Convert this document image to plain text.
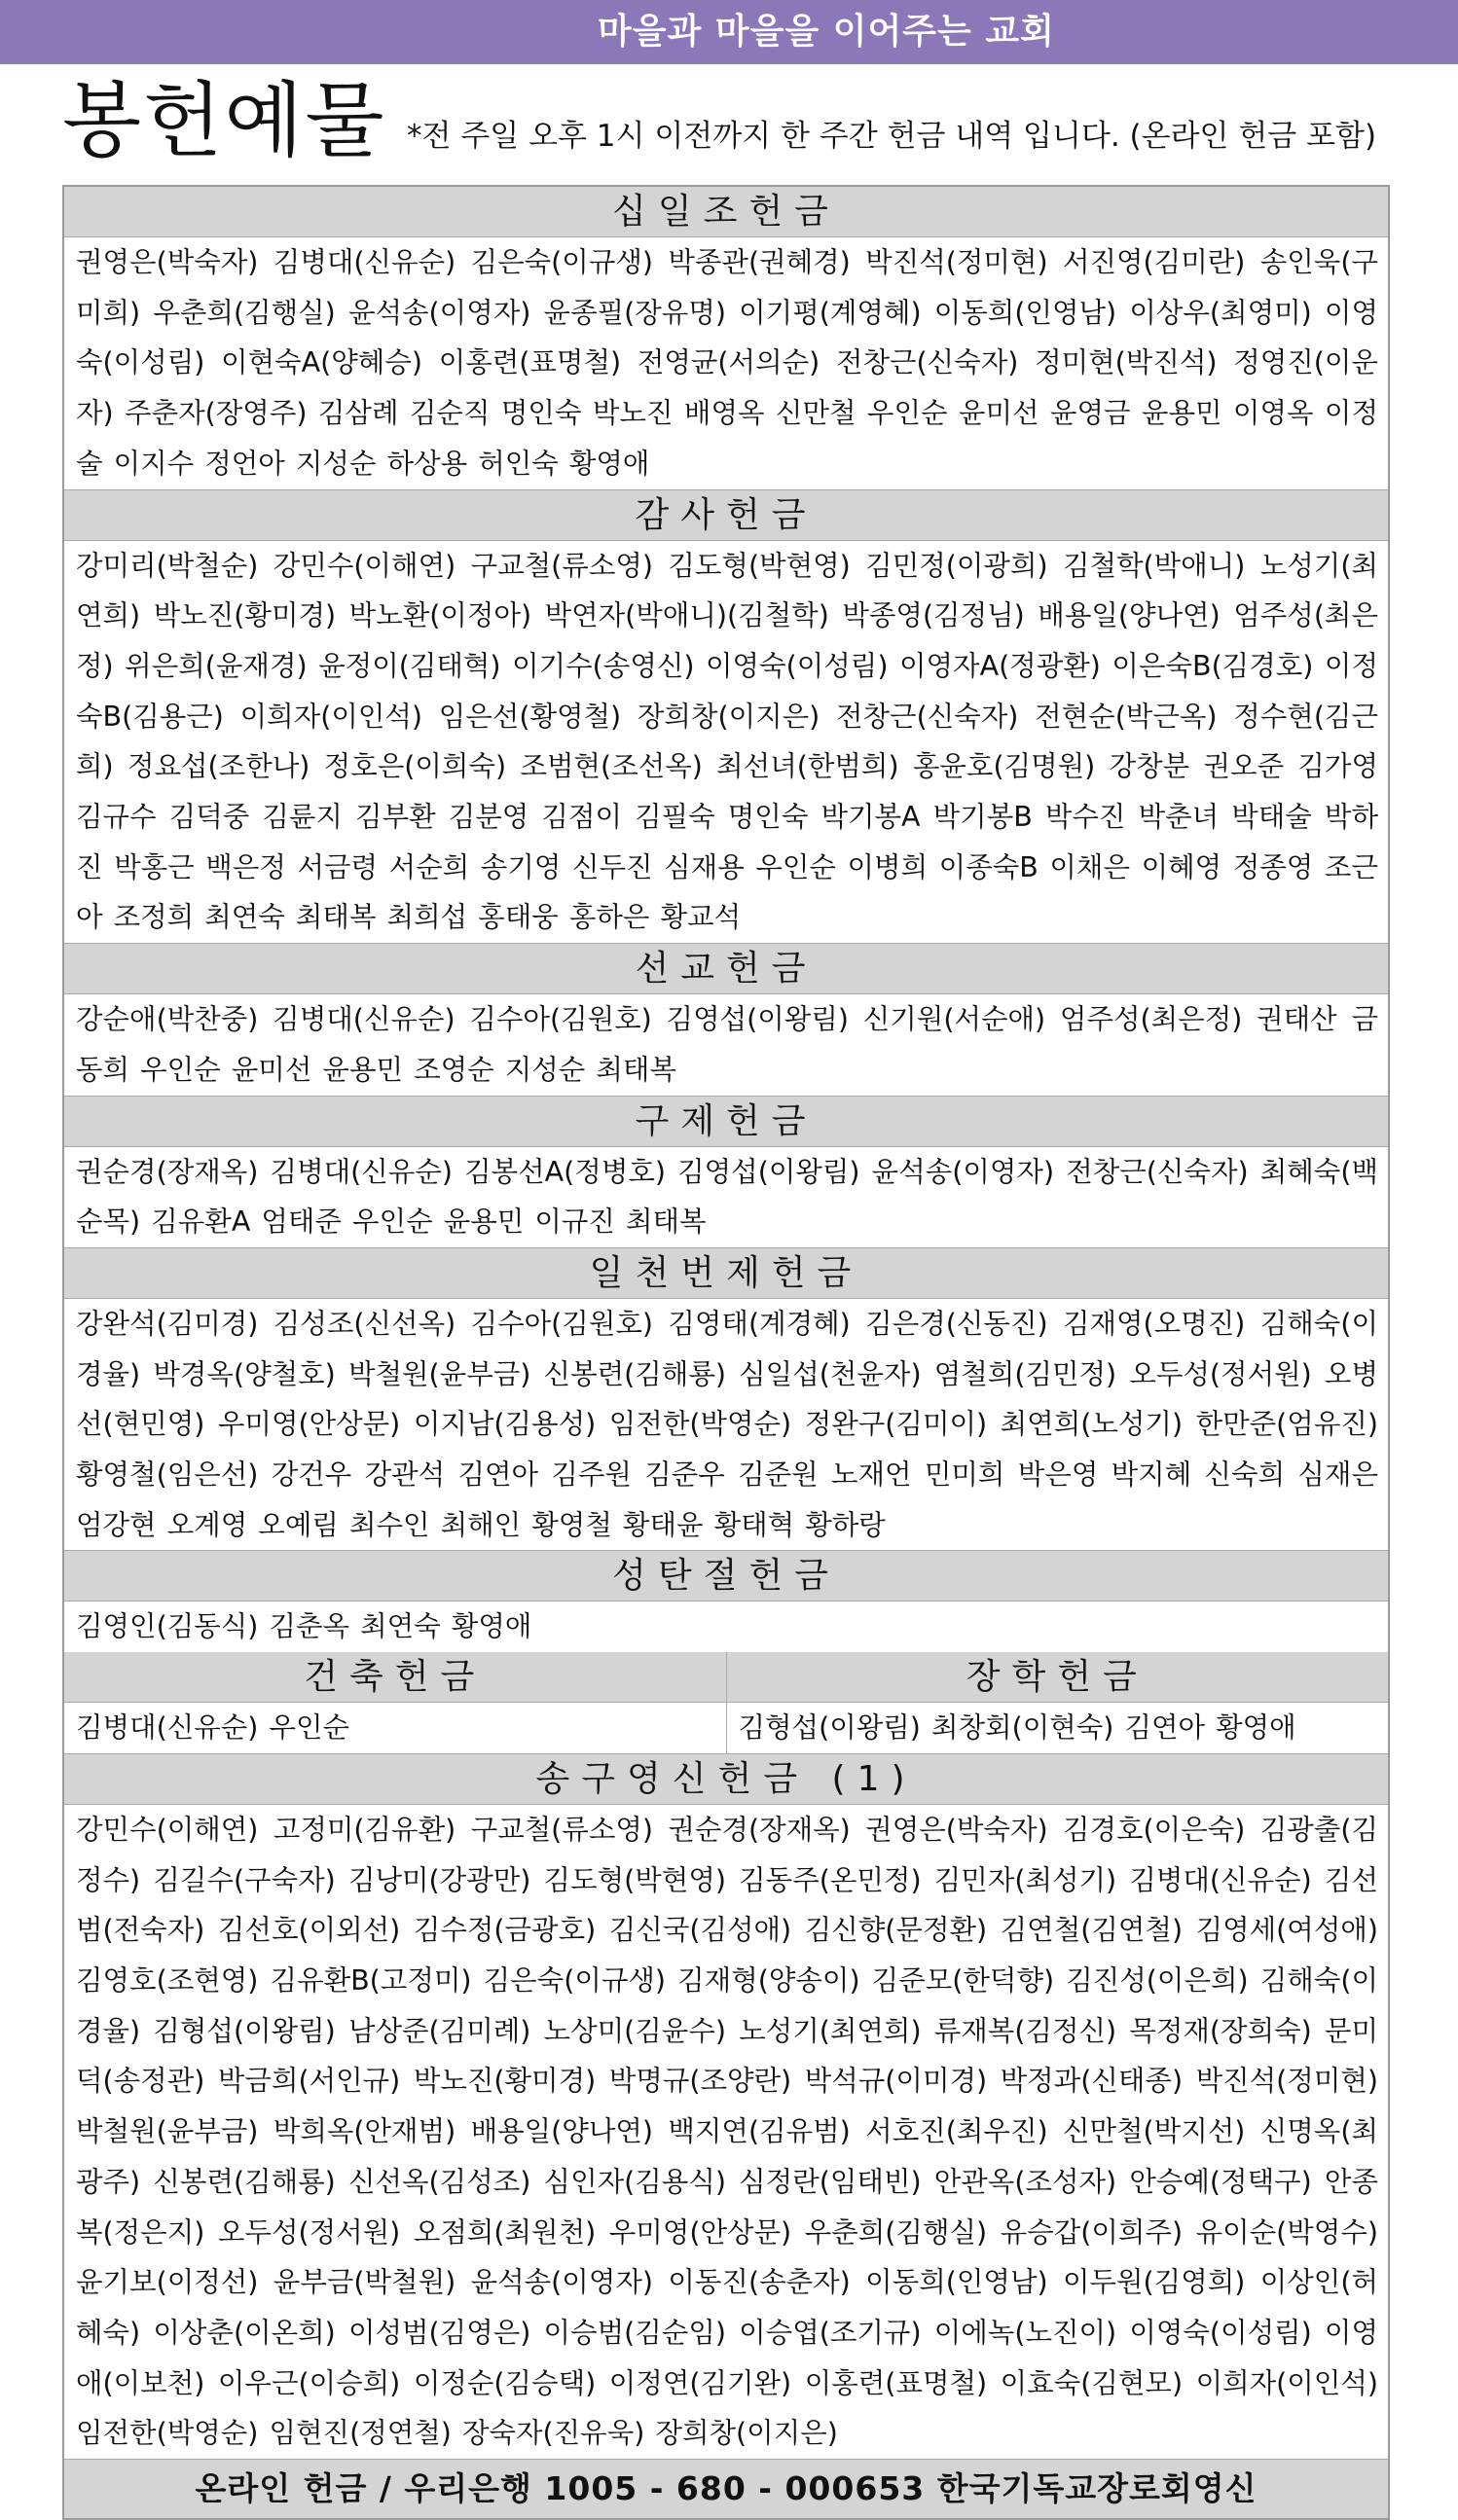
마을과 마을을 이어주는 교회
봉헌예물 *전 주일 오후 1시 이전까지 한 주간 헌금 내역 입니다. (온라인 헌금 포함)
십일조헌금
권영은(박숙자) 김병대(신유순) 김은숙(이규생) 박종관(권혜경) 박진석(정미현) 서진영(김미란) 송인욱(구미희) 우춘희(김행실) 윤석송(이영자) 윤종필(장유명) 이기평(계영혜) 이동희(인영남) 이상우(최영미) 이영숙(이성림) 이현숙A(양혜승) 이홍련(표명철) 전영균(서의순) 전창근(신숙자) 정미현(박진석) 정영진(이운자) 주춘자(장영주) 김삼례 김순직 명인숙 박노진 배영옥 신만철 우인순 윤미선 윤영금 윤용민 이영옥 이정술 이지수 정언아 지성순 하상용 허인숙 황영애
감사헌금
강미리(박철순) 강민수(이해연) 구교철(류소영) 김도형(박현영) 김민정(이광희) 김철학(박애니) 노성기(최연희) 박노진(황미경) 박노환(이정아) 박연자(박애니)(김철학) 박종영(김정님) 배용일(양나연) 엄주성(최은정) 위은희(윤재경) 윤정이(김태혁) 이기수(송영신) 이영숙(이성림) 이영자A(정광환) 이은숙B(김경호) 이정숙B(김용근) 이희자(이인석) 임은선(황영철) 장희창(이지은) 전창근(신숙자) 전현순(박근옥) 정수현(김근희) 정요섭(조한나) 정호은(이희숙) 조범현(조선옥) 최선녀(한범희) 홍윤호(김명원) 강창분 권오준 김가영 김규수 김덕중 김륜지 김부환 김분영 김점이 김필숙 명인숙 박기봉A 박기봉B 박수진 박춘녀 박태술 박하진 박홍근 백은정 서금령 서순희 송기영 신두진 심재용 우인순 이병희 이종숙B 이채은 이혜영 정종영 조근아 조정희 최연숙 최태복 최희섭 홍태웅 홍하은 황교석
선교헌금
강순애(박찬중) 김병대(신유순) 김수아(김원호) 김영섭(이왕림) 신기원(서순애) 엄주성(최은정) 권태산 금동희 우인순 윤미선 윤용민 조영순 지성순 최태복
구제헌금
권순경(장재옥) 김병대(신유순) 김봉선A(정병호) 김영섭(이왕림) 윤석송(이영자) 전창근(신숙자) 최혜숙(백순목) 김유환A 엄태준 우인순 윤용민 이규진 최태복
일천번제헌금
강완석(김미경) 김성조(신선옥) 김수아(김원호) 김영태(계경혜) 김은경(신동진) 김재영(오명진) 김해숙(이경율) 박경옥(양철호) 박철원(윤부금) 신봉련(김해룡) 심일섭(천윤자) 염철희(김민정) 오두성(정서원) 오병선(현민영) 우미영(안상문) 이지남(김용성) 임전한(박영순) 정완구(김미이) 최연희(노성기) 한만준(엄유진) 황영철(임은선) 강건우 강관석 김연아 김주원 김준우 김준원 노재언 민미희 박은영 박지혜 신숙희 심재은 엄강현 오계영 오예림 최수인 최해인 황영철 황태윤 황태혁 황하랑
성탄절헌금
김영인(김동식) 김춘옥 최연숙 황영애
건축헌금
김병대(신유순) 우인순
장학헌금
김형섭(이왕림) 최창회(이현숙) 김연아 황영애
송구영신헌금 (1)
강민수(이해연) 고정미(김유환) 구교철(류소영) 권순경(장재옥) 권영은(박숙자) 김경호(이은숙) 김광출(김정수) 김길수(구숙자) 김낭미(강광만) 김도형(박현영) 김동주(온민정) 김민자(최성기) 김병대(신유순) 김선범(전숙자) 김선호(이외선) 김수정(금광호) 김신국(김성애) 김신향(문정환) 김연철(김연철) 김영세(여성애) 김영호(조현영) 김유환B(고정미) 김은숙(이규생) 김재형(양송이) 김준모(한덕향) 김진성(이은희) 김해숙(이경율) 김형섭(이왕림) 남상준(김미례) 노상미(김윤수) 노성기(최연희) 류재복(김정신) 목정재(장희숙) 문미덕(송정관) 박금희(서인규) 박노진(황미경) 박명규(조양란) 박석규(이미경) 박정과(신태종) 박진석(정미현) 박철원(윤부금) 박희옥(안재범) 배용일(양나연) 백지연(김유범) 서호진(최우진) 신만철(박지선) 신명옥(최광주) 신봉련(김해룡) 신선옥(김성조) 심인자(김용식) 심정란(임태빈) 안관옥(조성자) 안승예(정택구) 안종복(정은지) 오두성(정서원) 오점희(최원천) 우미영(안상문) 우춘희(김행실) 유승갑(이희주) 유이순(박영수) 윤기보(이정선) 윤부금(박철원) 윤석송(이영자) 이동진(송춘자) 이동희(인영남) 이두원(김영희) 이상인(허혜숙) 이상춘(이온희) 이성범(김영은) 이승범(김순임) 이승엽(조기규) 이에녹(노진이) 이영숙(이성림) 이영애(이보천) 이우근(이승희) 이정순(김승택) 이정연(김기완) 이홍련(표명철) 이효숙(김현모) 이희자(이인석) 임전한(박영순) 임현진(정연철) 장숙자(진유욱) 장희창(이지은)
온라인 헌금 / 우리은행 1005 - 680 - 000653 한국기독교장로회영신
